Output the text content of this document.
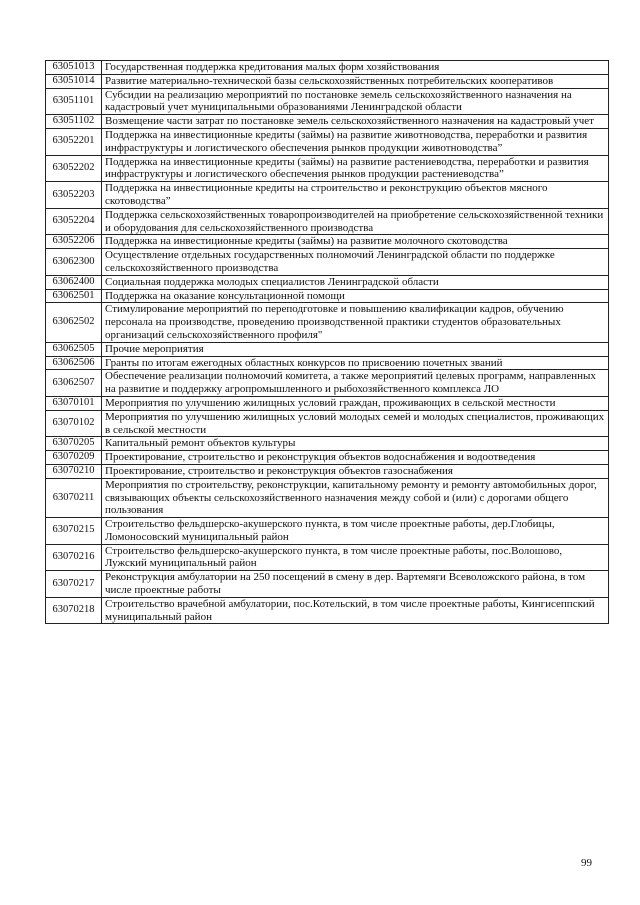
63051013	Государственная поддержка кредитования малых форм хозяйствования
63051014	Развитие материально-технической базы сельскохозяйственных потребительских кооперативов
63051101	Субсидии на реализацию мероприятий по постановке земель сельскохозяйственного назначения на кадастровый учет муниципальными образованиями Ленинградской области
63051102	Возмещение части затрат по постановке земель сельскохозяйственного назначения на кадастровый учет
63052201	Поддержка на инвестиционные кредиты (займы) на развитие животноводства, переработки и развития инфраструктуры и логистического обеспечения рынков продукции животноводства”
63052202	Поддержка на инвестиционные кредиты (займы) на развитие растениеводства, переработки и развития инфраструктуры и логистического обеспечения рынков продукции растениеводства”
63052203	Поддержка на инвестиционные кредиты на строительство и реконструкцию объектов мясного скотоводства”
63052204	Поддержка сельскохозяйственных товаропроизводителей на приобретение сельскохозяйственной техники и оборудования для сельскохозяйственного производства
63052206	Поддержка на инвестиционные кредиты (займы) на развитие молочного скотоводства
63062300	Осуществление отдельных государственных полномочий Ленинградской области по поддержке сельскохозяйственного производства
63062400	Социальная поддержка молодых специалистов Ленинградской области
63062501	Поддержка на оказание консультационной помощи
63062502	Стимулирование мероприятий по переподготовке и повышению квалификации кадров, обучению персонала на производстве, проведению производственной практики студентов образовательных организаций сельскохозяйственного профиля"
63062505	Прочие мероприятия
63062506	Гранты по итогам ежегодных областных конкурсов по присвоению почетных званий
63062507	Обеспечение реализации полномочий комитета, а также мероприятий целевых программ, направленных на развитие и поддержку агропромышленного и рыбохозяйственного комплекса ЛО
63070101	Мероприятия по улучшению жилищных условий граждан, проживающих в сельской местности
63070102	Мероприятия по улучшению жилищных условий молодых семей и молодых специалистов, проживающих в сельской местности
63070205	Капитальный ремонт объектов культуры
63070209	Проектирование, строительство и реконструкция объектов водоснабжения и водоотведения
63070210	Проектирование, строительство и реконструкция объектов газоснабжения
63070211	Мероприятия по строительству, реконструкции, капитальному ремонту и ремонту автомобильных дорог, связывающих объекты сельскохозяйственного назначения между собой и (или) с дорогами общего пользования
63070215	Строительство фельдшерско-акушерского пункта, в том числе проектные работы, дер.Глобицы, Ломоносовский муниципальный район
63070216	Строительство фельдшерско-акушерского пункта, в том числе проектные работы, пос.Волошово, Лужский муниципальный район
63070217	Реконструкция амбулатории на 250 посещений в смену в дер. Вартемяги Всеволожского района, в том числе проектные работы
63070218	Строительство врачебной амбулатории, пос.Котельский, в том числе проектные работы, Кингисеппский муниципальный район
99
